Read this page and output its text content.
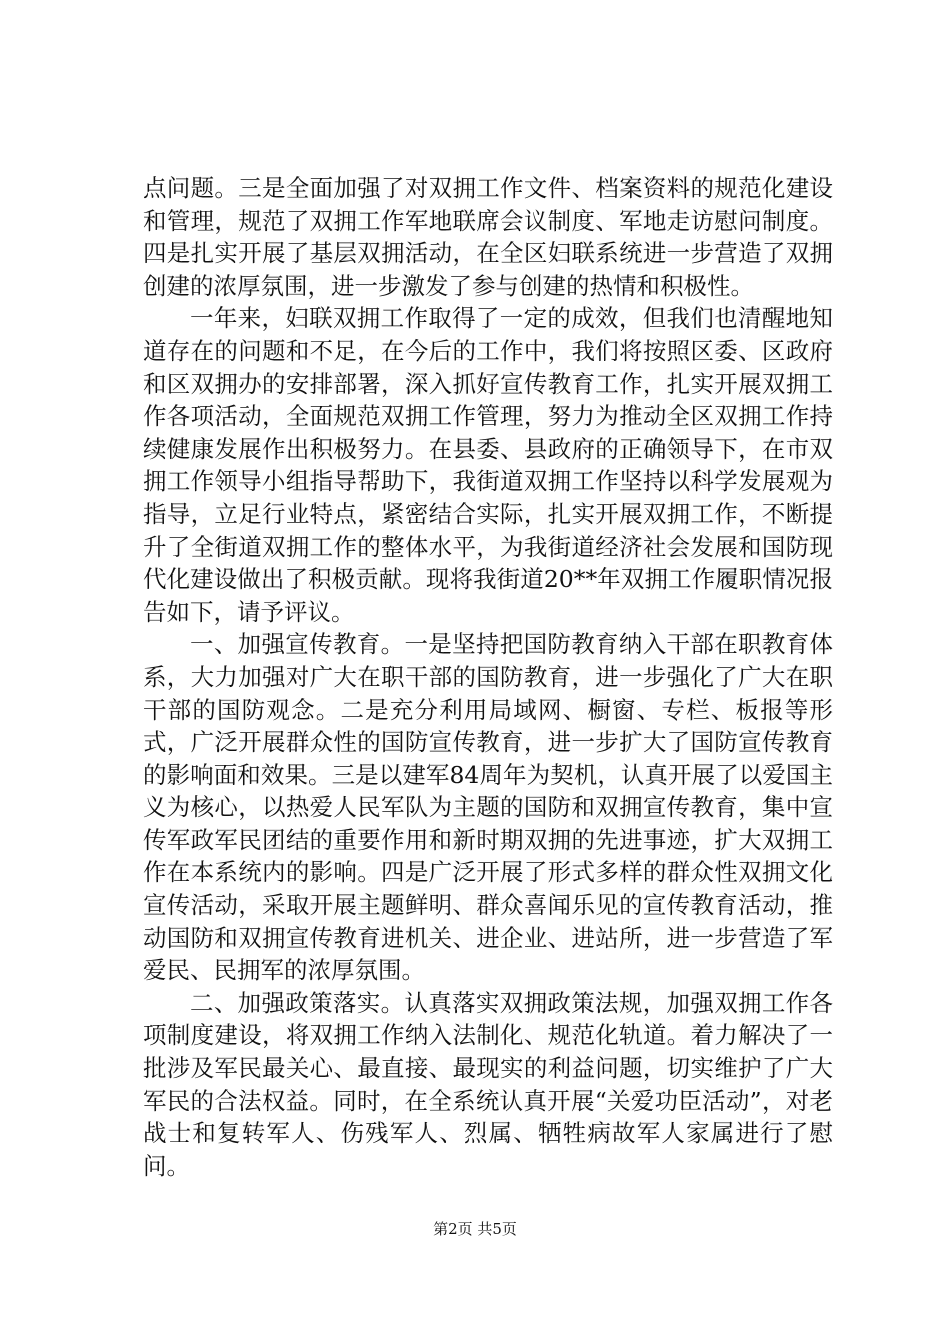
点问题。三是全面加强了对双拥工作文件、档案资料的规范化建设和管理，规范了双拥工作军地联席会议制度、军地走访慰问制度。四是扎实开展了基层双拥活动，在全区妇联系统进一步营造了双拥创建的浓厚氛围，进一步激发了参与创建的热情和积极性。

一年来，妇联双拥工作取得了一定的成效，但我们也清醒地知道存在的问题和不足，在今后的工作中，我们将按照区委、区政府和区双拥办的安排部署，深入抓好宣传教育工作，扎实开展双拥工作各项活动，全面规范双拥工作管理，努力为推动全区双拥工作持续健康发展作出积极努力。在县委、县政府的正确领导下，在市双拥工作领导小组指导帮助下，我街道双拥工作坚持以科学发展观为指导，立足行业特点，紧密结合实际，扎实开展双拥工作，不断提升了全街道双拥工作的整体水平，为我街道经济社会发展和国防现代化建设做出了积极贡献。现将我街道20**年双拥工作履职情况报告如下，请予评议。

一、加强宣传教育。一是坚持把国防教育纳入干部在职教育体系，大力加强对广大在职干部的国防教育，进一步强化了广大在职干部的国防观念。二是充分利用局域网、橱窗、专栏、板报等形式，广泛开展群众性的国防宣传教育，进一步扩大了国防宣传教育的影响面和效果。三是以建军84周年为契机，认真开展了以爱国主义为核心，以热爱人民军队为主题的国防和双拥宣传教育，集中宣传军政军民团结的重要作用和新时期双拥的先进事迹，扩大双拥工作在本系统内的影响。四是广泛开展了形式多样的群众性双拥文化宣传活动，采取开展主题鲜明、群众喜闻乐见的宣传教育活动，推动国防和双拥宣传教育进机关、进企业、进站所，进一步营造了军爱民、民拥军的浓厚氛围。

二、加强政策落实。认真落实双拥政策法规，加强双拥工作各项制度建设，将双拥工作纳入法制化、规范化轨道。着力解决了一批涉及军民最关心、最直接、最现实的利益问题，切实维护了广大军民的合法权益。同时，在全系统认真开展“关爱功臣活动”，对老战士和复转军人、伤残军人、烈属、牺牲病故军人家属进行了慰问。

第2页 共5页
